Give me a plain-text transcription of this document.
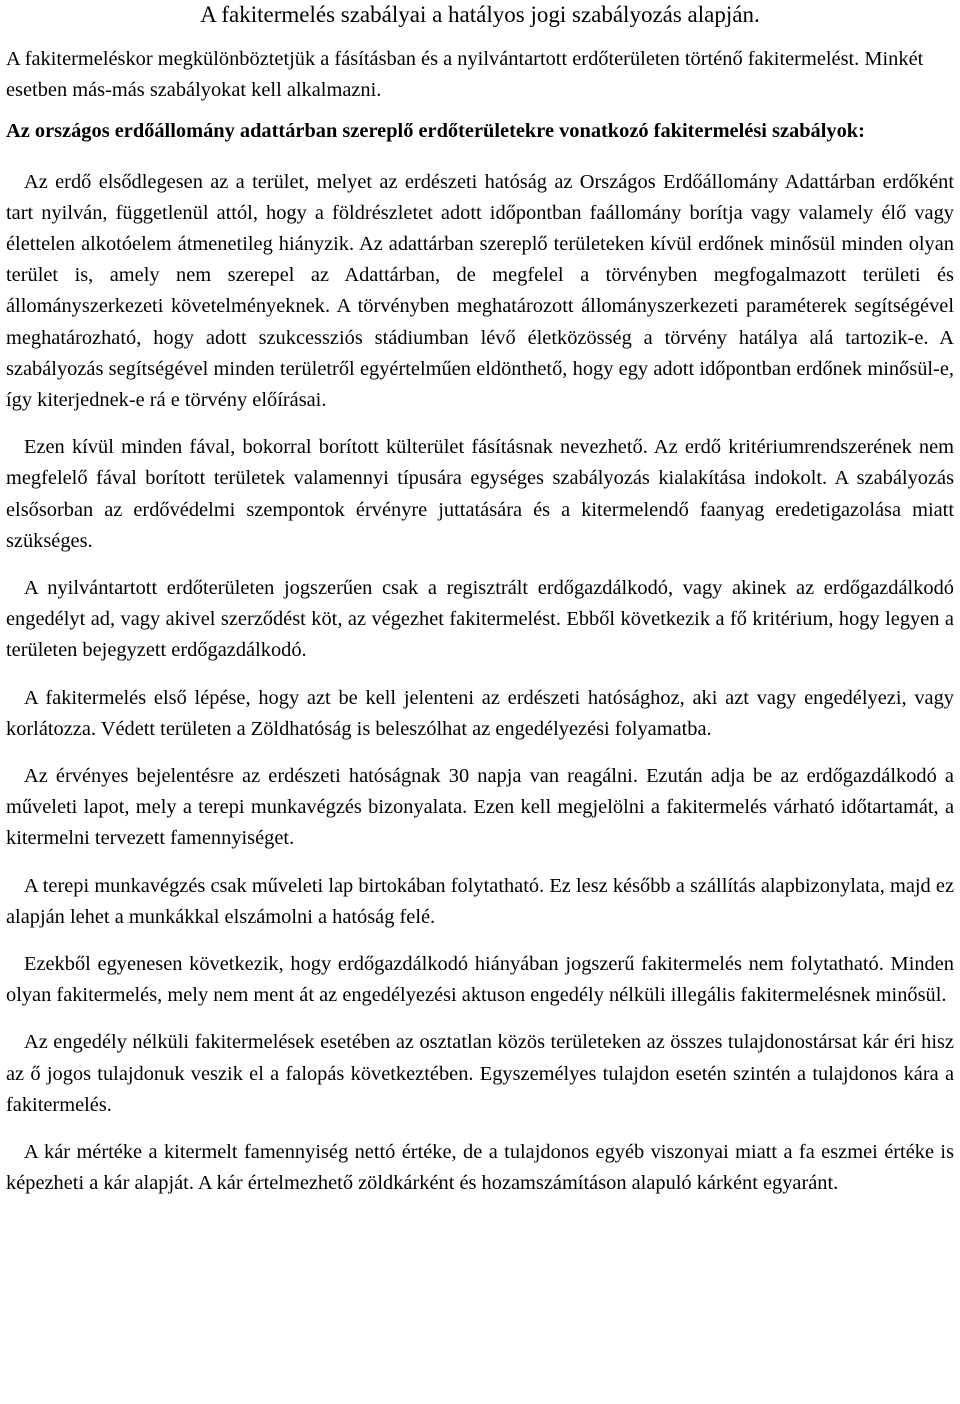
A fakitermelés szabályai a hatályos jogi szabályozás alapján.

A fakitermeléskor megkülönböztetjük a fásításban és a nyilvántartott erdőterületen történő fakitermelést. Minkét esetben más-más szabályokat kell alkalmazni.

Az országos erdőállomány adattárban szereplő erdőterületekre vonatkozó fakitermelési szabályok:

Az erdő elsődlegesen az a terület, melyet az erdészeti hatóság az Országos Erdőállomány Adattárban erdőként tart nyilván, függetlenül attól, hogy a földrészletet adott időpontban faállomány borítja vagy valamely élő vagy élettelen alkotóelem átmenetileg hiányzik. Az adattárban szereplő területeken kívül erdőnek minősül minden olyan terület is, amely nem szerepel az Adattárban, de megfelel a törvényben megfogalmazott területi és állományszerkezeti követelményeknek. A törvényben meghatározott állományszerkezeti paraméterek segítségével meghatározható, hogy adott szukcessziós stádiumban lévő életközösség a törvény hatálya alá tartozik-e. A szabályozás segítségével minden területről egyértelműen eldönthető, hogy egy adott időpontban erdőnek minősül-e, így kiterjednek-e rá e törvény előírásai.

Ezen kívül minden fával, bokorral borított külterület fásításnak nevezhető. Az erdő kritériumrendszerének nem megfelelő fával borított területek valamennyi típusára egységes szabályozás kialakítása indokolt. A szabályozás elsősorban az erdővédelmi szempontok érvényre juttatására és a kitermelendő faanyag eredetigazolása miatt szükséges.

A nyilvántartott erdőterületen jogszerűen csak a regisztrált erdőgazdálkodó, vagy akinek az erdőgazdálkodó engedélyt ad, vagy akivel szerződést köt, az végezhet fakitermelést. Ebből következik a fő kritérium, hogy legyen a területen bejegyzett erdőgazdálkodó.

A fakitermelés első lépése, hogy azt be kell jelenteni az erdészeti hatósághoz, aki azt vagy engedélyezi, vagy korlátozza. Védett területen a Zöldhatóság is beleszólhat az engedélyezési folyamatba.

Az érvényes bejelentésre az erdészeti hatóságnak 30 napja van reagálni. Ezután adja be az erdőgazdálkodó a műveleti lapot, mely a terepi munkavégzés bizonyalata. Ezen kell megjelölni a fakitermelés várható időtartamát, a kitermelni tervezett famennyiséget.

A terepi munkavégzés csak műveleti lap birtokában folytatható. Ez lesz később a szállítás alapbizonylata, majd ez alapján lehet a munkákkal elszámolni a hatóság felé.

Ezekből egyenesen következik, hogy erdőgazdálkodó hiányában jogszerű fakitermelés nem folytatható. Minden olyan fakitermelés, mely nem ment át az engedélyezési aktuson engedély nélküli illegális fakitermelésnek minősül.

Az engedély nélküli fakitermelések esetében az osztatlan közös területeken az összes tulajdonostársat kár éri hisz az ő jogos tulajdonuk veszik el a falopás következtében. Egyszemélyes tulajdon esetén szintén a tulajdonos kára a fakitermelés.

A kár mértéke a kitermelt famennyiség nettó értéke, de a tulajdonos egyéb viszonyai miatt a fa eszmei értéke is képezheti a kár alapját. A kár értelmezhető zöldkárként és hozamszámításon alapuló kárként egyaránt.
